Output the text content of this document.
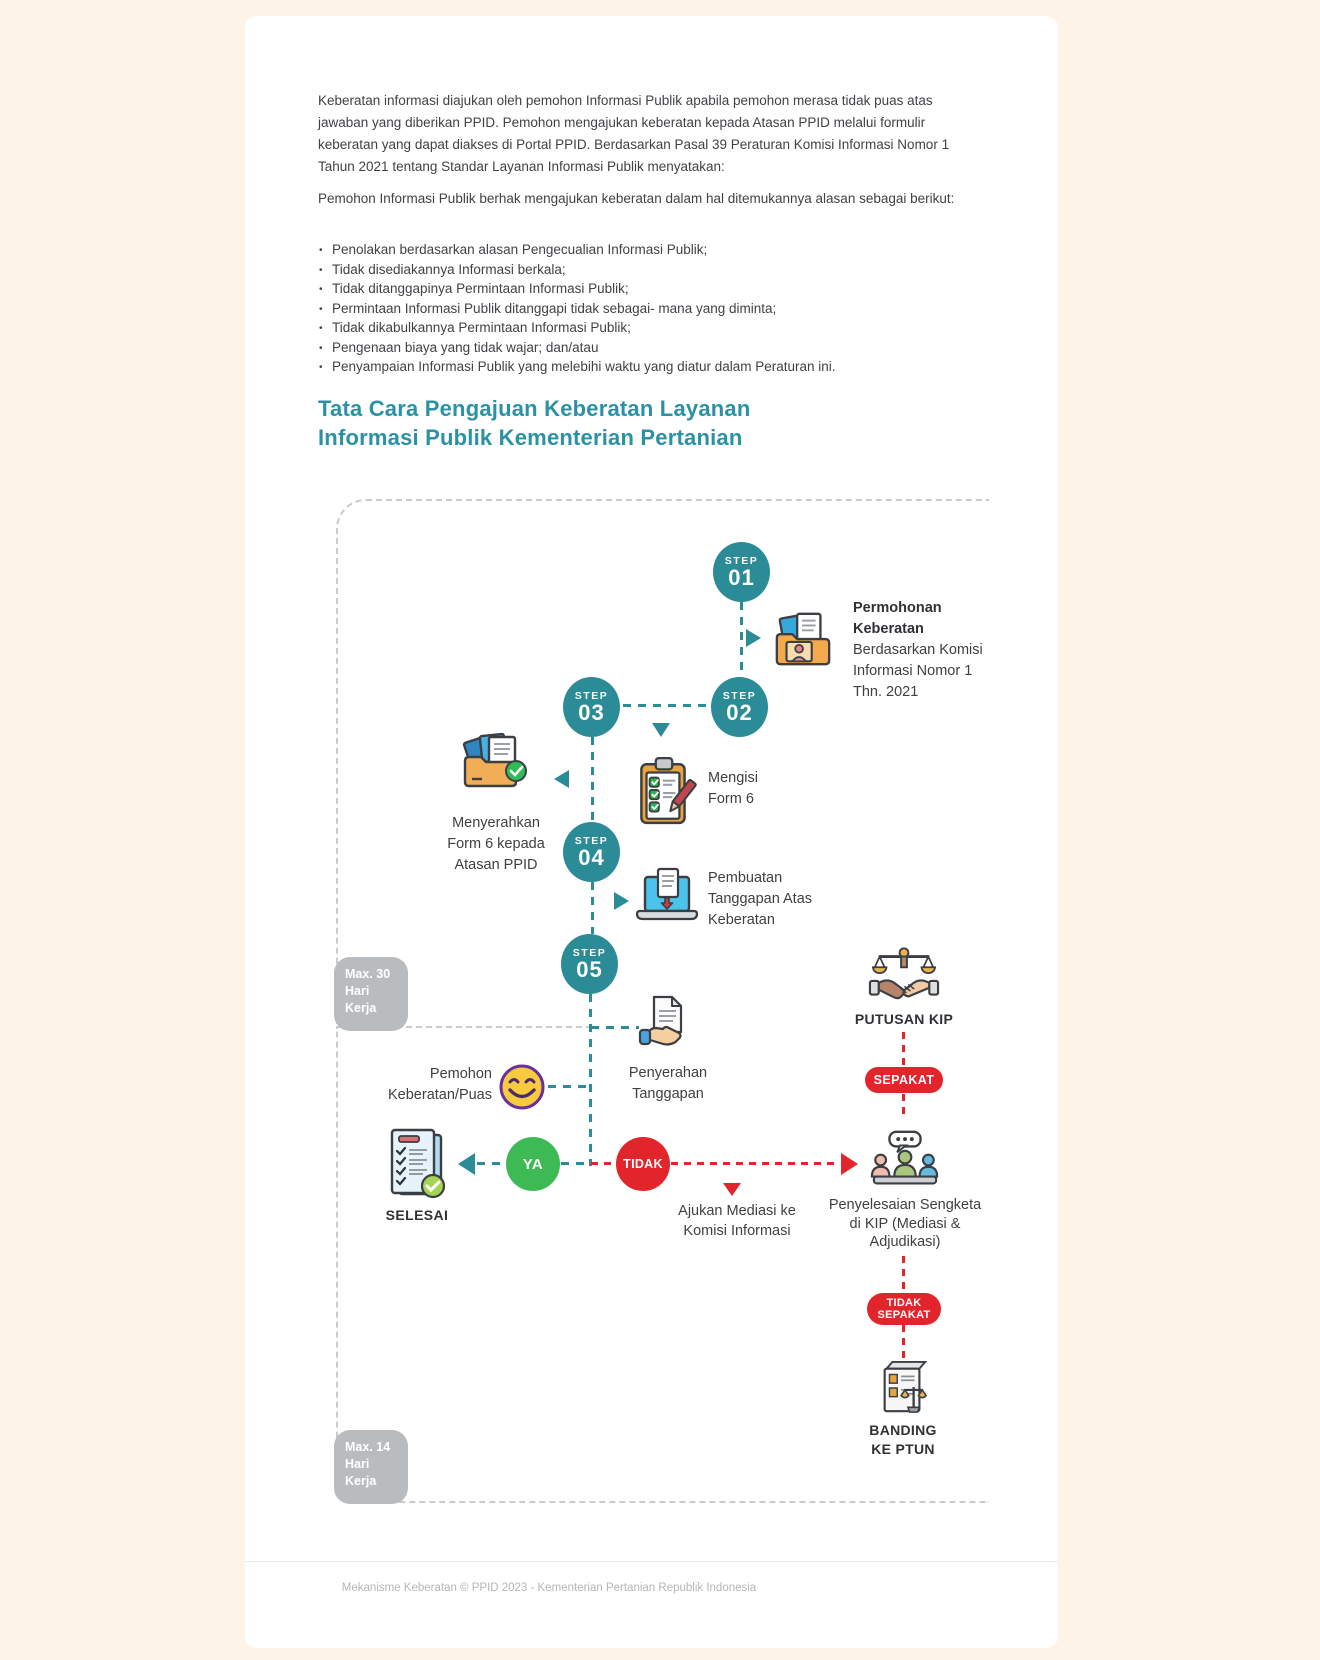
Keberatan informasi diajukan oleh pemohon Informasi Publik apabila pemohon merasa tidak puas atas jawaban yang diberikan PPID. Pemohon mengajukan keberatan kepada Atasan PPID melalui formulir keberatan yang dapat diakses di Portal PPID. Berdasarkan Pasal 39 Peraturan Komisi Informasi Nomor 1 Tahun 2021 tentang Standar Layanan Informasi Publik menyatakan:

Pemohon Informasi Publik berhak mengajukan keberatan dalam hal ditemukannya alasan sebagai berikut:

• Penolakan berdasarkan alasan Pengecualian Informasi Publik;
• Tidak disediakannya Informasi berkala;
• Tidak ditanggapinya Permintaan Informasi Publik;
• Permintaan Informasi Publik ditanggapi tidak sebagai- mana yang diminta;
• Tidak dikabulkannya Permintaan Informasi Publik;
• Pengenaan biaya yang tidak wajar; dan/atau
• Penyampaian Informasi Publik yang melebihi waktu yang diatur dalam Peraturan ini.
Tata Cara Pengajuan Keberatan Layanan
Informasi Publik Kementerian Pertanian
Max. 30 Hari Kerja
Max. 14 Hari Kerja
STEP
01
STEP
02
STEP
03
STEP
04
STEP
05
YA	TIDAK
SEPAKAT
TIDAK SEPAKAT
Permohonan Keberatan
Berdasarkan Komisi Informasi Nomor 1 Thn. 2021
Mengisi Form 6
Menyerahkan Form 6 kepada Atasan PPID
Pembuatan Tanggapan Atas Keberatan
Penyerahan Tanggapan
Pemohon Keberatan/Puas
SELESAI	Ajukan Mediasi ke Komisi Informasi
PUTUSAN KIP
Penyelesaian Sengketa di KIP (Mediasi & Adjudikasi)
BANDING KE PTUN
Mekanisme Keberatan © PPID 2023 - Kementerian Pertanian Republik Indonesia
